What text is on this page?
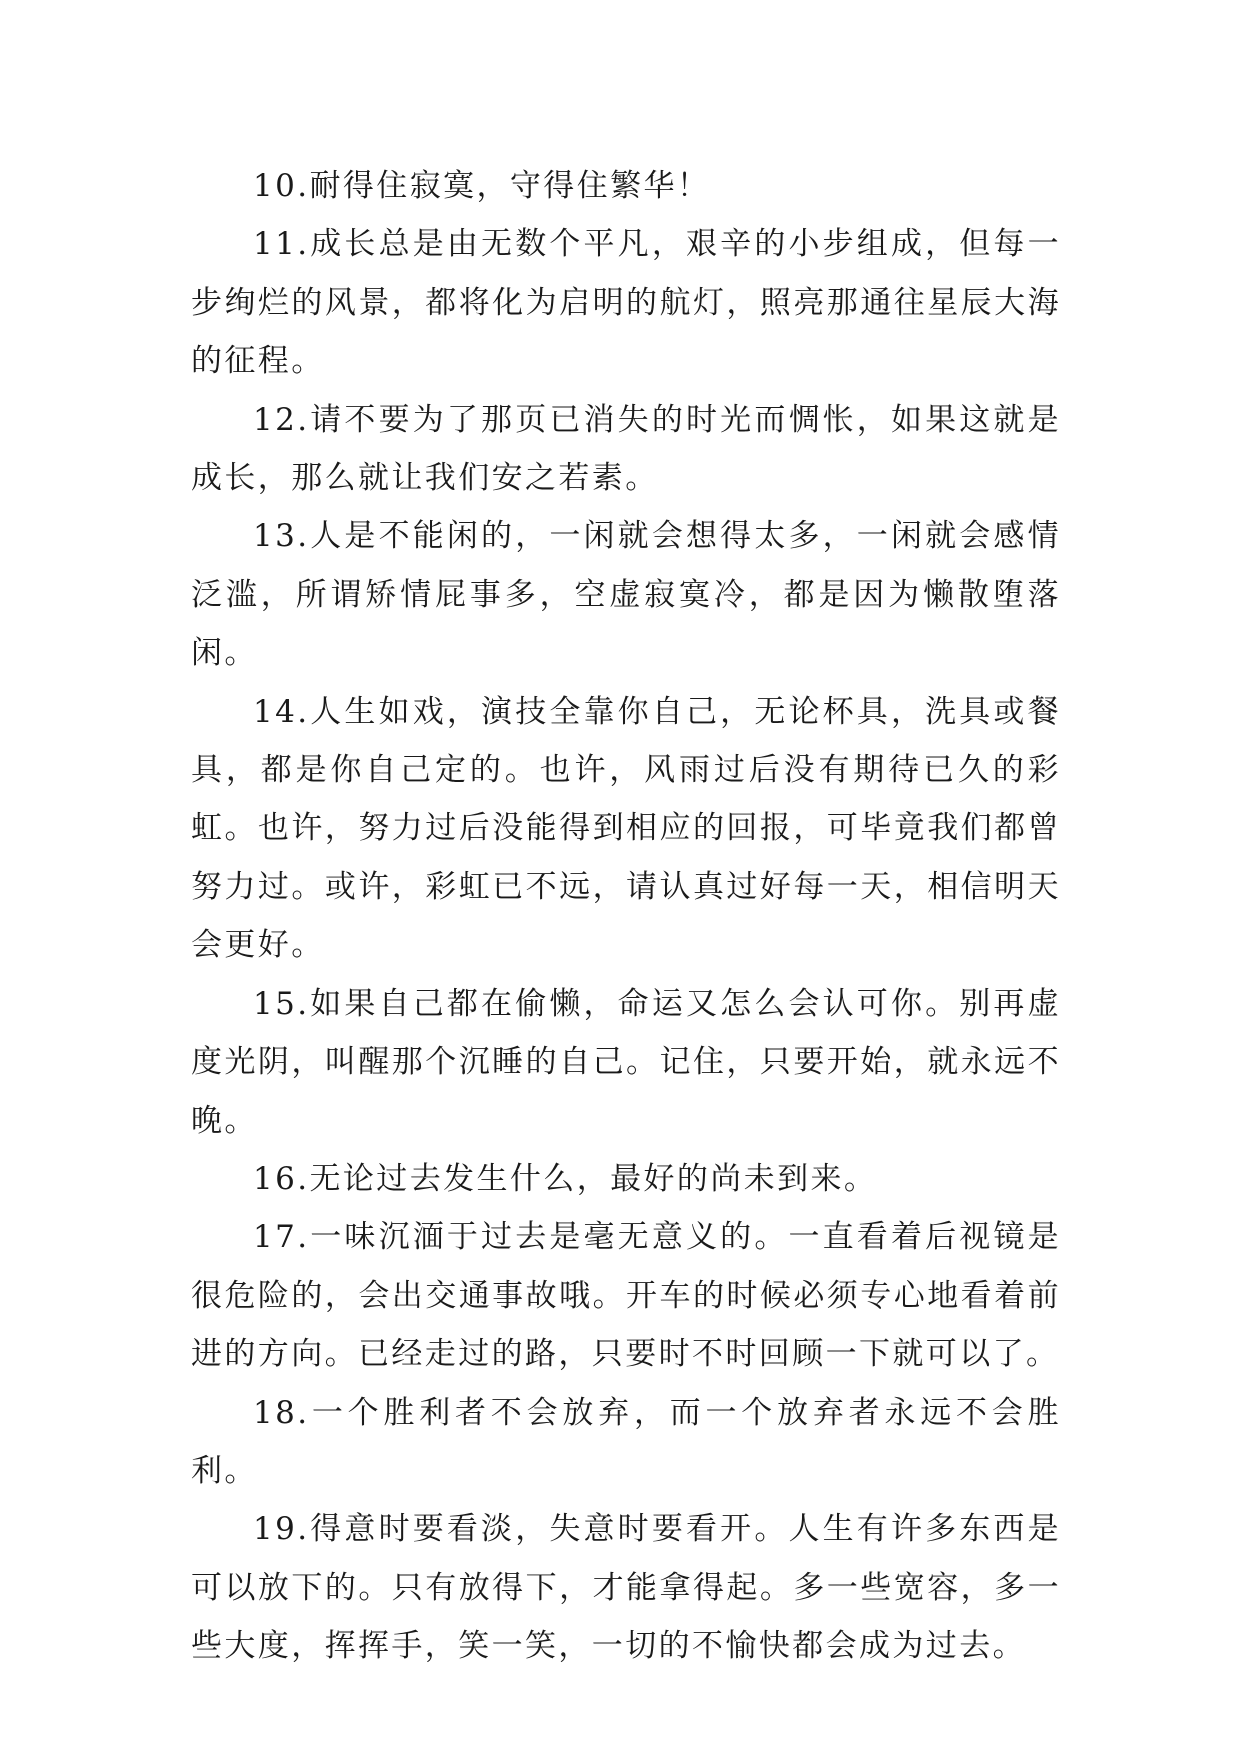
10.耐得住寂寞，守得住繁华！

11.成长总是由无数个平凡，艰辛的小步组成，但每一步绚烂的风景，都将化为启明的航灯，照亮那通往星辰大海的征程。

12.请不要为了那页已消失的时光而惆怅，如果这就是成长，那么就让我们安之若素。

13.人是不能闲的，一闲就会想得太多，一闲就会感情泛滥，所谓矫情屁事多，空虚寂寞冷，都是因为懒散堕落闲。

14.人生如戏，演技全靠你自己，无论杯具，洗具或餐具，都是你自己定的。也许，风雨过后没有期待已久的彩虹。也许，努力过后没能得到相应的回报，可毕竟我们都曾努力过。或许，彩虹已不远，请认真过好每一天，相信明天会更好。

15.如果自己都在偷懒，命运又怎么会认可你。别再虚度光阴，叫醒那个沉睡的自己。记住，只要开始，就永远不晚。

16.无论过去发生什么，最好的尚未到来。

17.一味沉湎于过去是毫无意义的。一直看着后视镜是很危险的，会出交通事故哦。开车的时候必须专心地看着前进的方向。已经走过的路，只要时不时回顾一下就可以了。

18.一个胜利者不会放弃，而一个放弃者永远不会胜利。

19.得意时要看淡，失意时要看开。人生有许多东西是可以放下的。只有放得下，才能拿得起。多一些宽容，多一些大度，挥挥手，笑一笑，一切的不愉快都会成为过去。
